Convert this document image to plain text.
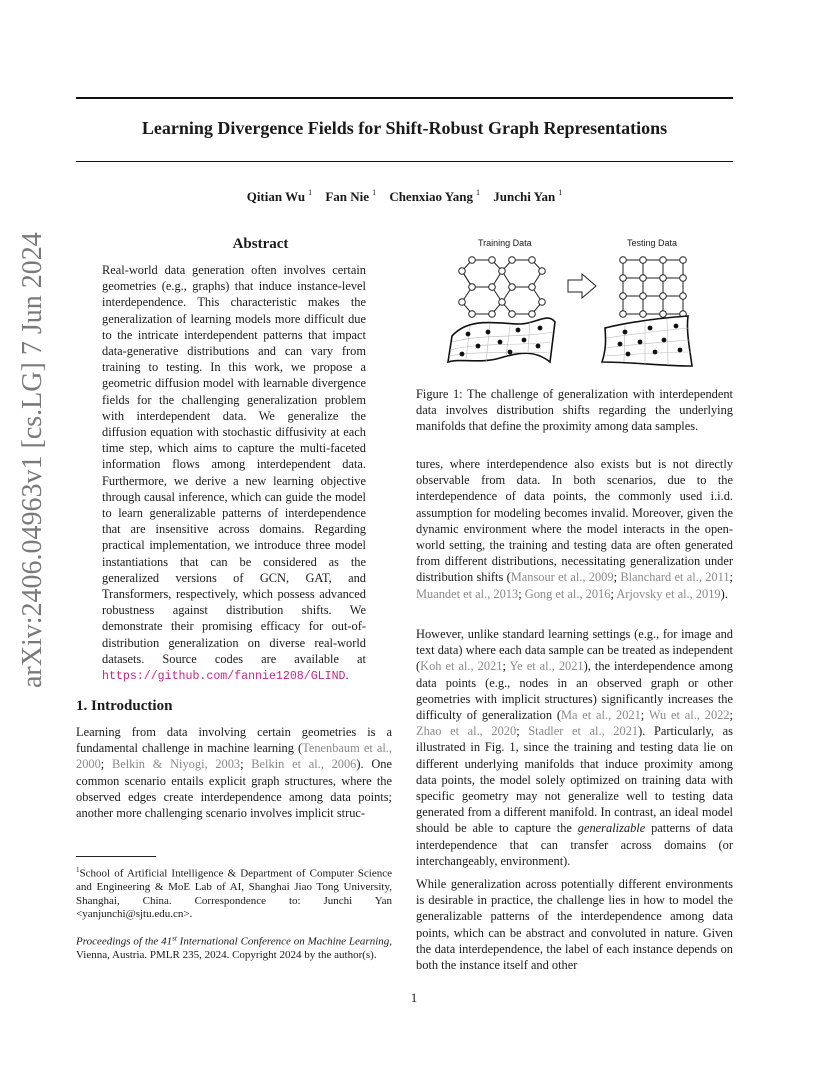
arXiv:2406.04963v1 [cs.LG] 7 Jun 2024
Learning Divergence Fields for Shift-Robust Graph Representations
Qitian Wu $^1$ Fan Nie $^1$ Chenxiao Yang $^1$ Junchi Yan $^1$
Abstract
Real-world data generation often involves certain geometries (e.g., graphs) that induce instance-level interdependence. This characteristic makes the generalization of learning models more difficult due to the intricate interdependent patterns that impact data-generative distributions and can vary from training to testing. In this work, we propose a geometric diffusion model with learnable divergence fields for the challenging generalization problem with interdependent data. We generalize the diffusion equation with stochastic diffusivity at each time step, which aims to capture the multi-faceted information flows among interdependent data. Furthermore, we derive a new learning objective through causal inference, which can guide the model to learn generalizable patterns of interdependence that are insensitive across domains. Regarding practical implementation, we introduce three model instantiations that can be considered as the generalized versions of GCN, GAT, and Transformers, respectively, which possess advanced robustness against distribution shifts. We demonstrate their promising efficacy for out-of-distribution generalization on diverse real-world datasets. Source codes are available at https://github.com/fannie1208/GLIND.
1. Introduction
Learning from data involving certain geometries is a fundamental challenge in machine learning (Tenenbaum et al., 2000; Belkin & Niyogi, 2003; Belkin et al., 2006). One common scenario entails explicit graph structures, where the observed edges create interdependence among data points; another more challenging scenario involves implicit struc-
$^1$School of Artificial Intelligence & Department of Computer Science and Engineering & MoE Lab of AI, Shanghai Jiao Tong University, Shanghai, China. Correspondence to: Junchi Yan <yanjunchi@sjtu.edu.cn>.
Proceedings of the 41st International Conference on Machine Learning, Vienna, Austria. PMLR 235, 2024. Copyright 2024 by the author(s).
Training Data	Testing Data
Figure 1: The challenge of generalization with interdependent data involves distribution shifts regarding the underlying manifolds that define the proximity among data samples.
tures, where interdependence also exists but is not directly observable from data. In both scenarios, due to the interdependence of data points, the commonly used i.i.d. assumption for modeling becomes invalid. Moreover, given the dynamic environment where the model interacts in the open-world setting, the training and testing data are often generated from different distributions, necessitating generalization under distribution shifts (Mansour et al., 2009; Blanchard et al., 2011; Muandet et al., 2013; Gong et al., 2016; Arjovsky et al., 2019).
However, unlike standard learning settings (e.g., for image and text data) where each data sample can be treated as independent (Koh et al., 2021; Ye et al., 2021), the interdependence among data points (e.g., nodes in an observed graph or other geometries with implicit structures) significantly increases the difficulty of generalization (Ma et al., 2021; Wu et al., 2022; Zhao et al., 2020; Stadler et al., 2021). Particularly, as illustrated in Fig. 1, since the training and testing data lie on different underlying manifolds that induce proximity among data points, the model solely optimized on training data with specific geometry may not generalize well to testing data generated from a different manifold. In contrast, an ideal model should be able to capture the generalizable patterns of data interdependence that can transfer across domains (or interchangeably, environment).
While generalization across potentially different environments is desirable in practice, the challenge lies in how to model the generalizable patterns of the interdependence among data points, which can be abstract and convoluted in nature. Given the data interdependence, the label of each instance depends on both the instance itself and other
1
